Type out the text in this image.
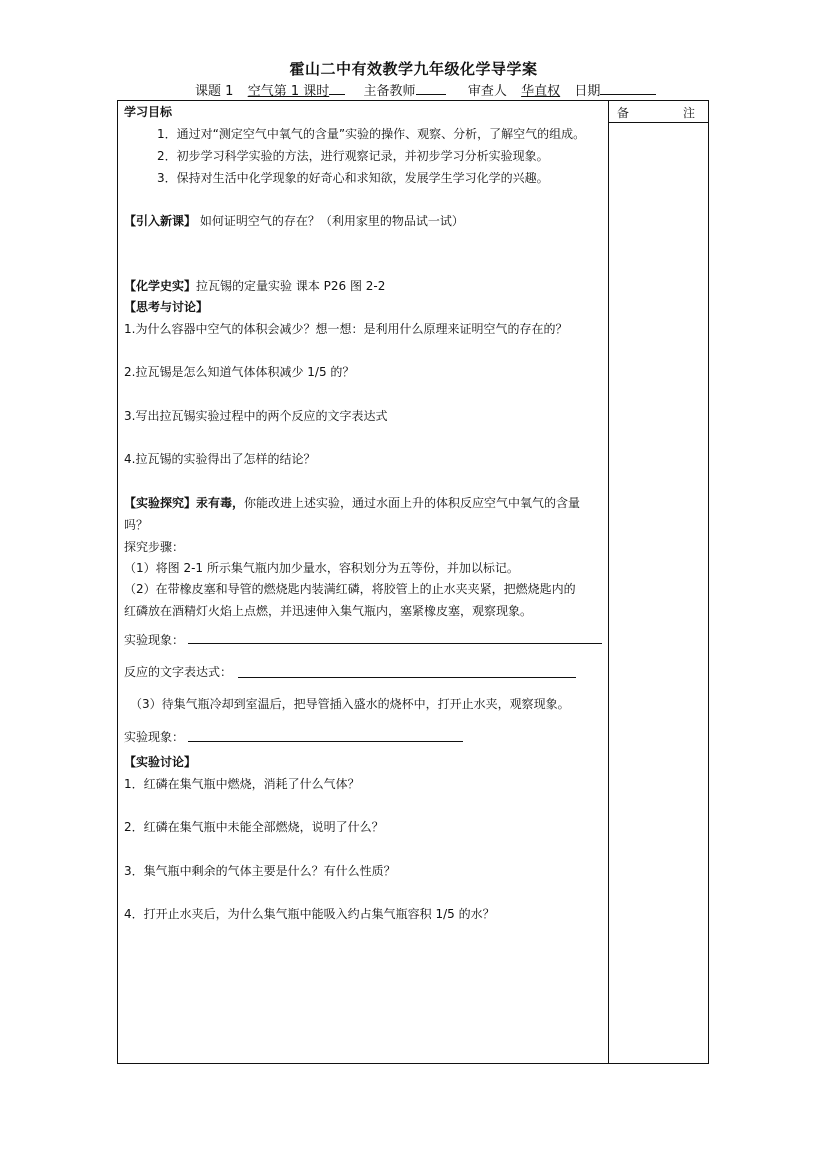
霍山二中有效教学九年级化学导学案
课题 1 空气第 1 课时	主备教师	审查人 华直权 日期
备	注
学习目标
1．通过对“测定空气中氧气的含量”实验的操作、观察、分析，了解空气的组成。
2．初步学习科学实验的方法，进行观察记录，并初步学习分析实验现象。
3．保持对生活中化学现象的好奇心和求知欲，发展学生学习化学的兴趣。
【引入新课】 如何证明空气的存在？（利用家里的物品试一试）
【化学史实】拉瓦锡的定量实验 课本 P26 图 2-2
【思考与讨论】
1.为什么容器中空气的体积会减少？想一想：是利用什么原理来证明空气的存在的？
2.拉瓦锡是怎么知道气体体积减少 1/5 的？
3.写出拉瓦锡实验过程中的两个反应的文字表达式
4.拉瓦锡的实验得出了怎样的结论？
【实验探究】汞有毒，你能改进上述实验，通过水面上升的体积反应空气中氧气的含量
吗？
探究步骤：
（1）将图 2-1 所示集气瓶内加少量水，容积划分为五等份，并加以标记。
（2）在带橡皮塞和导管的燃烧匙内装满红磷，将胶管上的止水夹夹紧，把燃烧匙内的
红磷放在酒精灯火焰上点燃，并迅速伸入集气瓶内，塞紧橡皮塞，观察现象。
实验现象：
反应的文字表达式：
（3）待集气瓶冷却到室温后，把导管插入盛水的烧杯中，打开止水夹，观察现象。
实验现象：
【实验讨论】
1．红磷在集气瓶中燃烧，消耗了什么气体？
2．红磷在集气瓶中未能全部燃烧，说明了什么？
3．集气瓶中剩余的气体主要是什么？有什么性质？
4．打开止水夹后，为什么集气瓶中能吸入约占集气瓶容积 1/5 的水？
